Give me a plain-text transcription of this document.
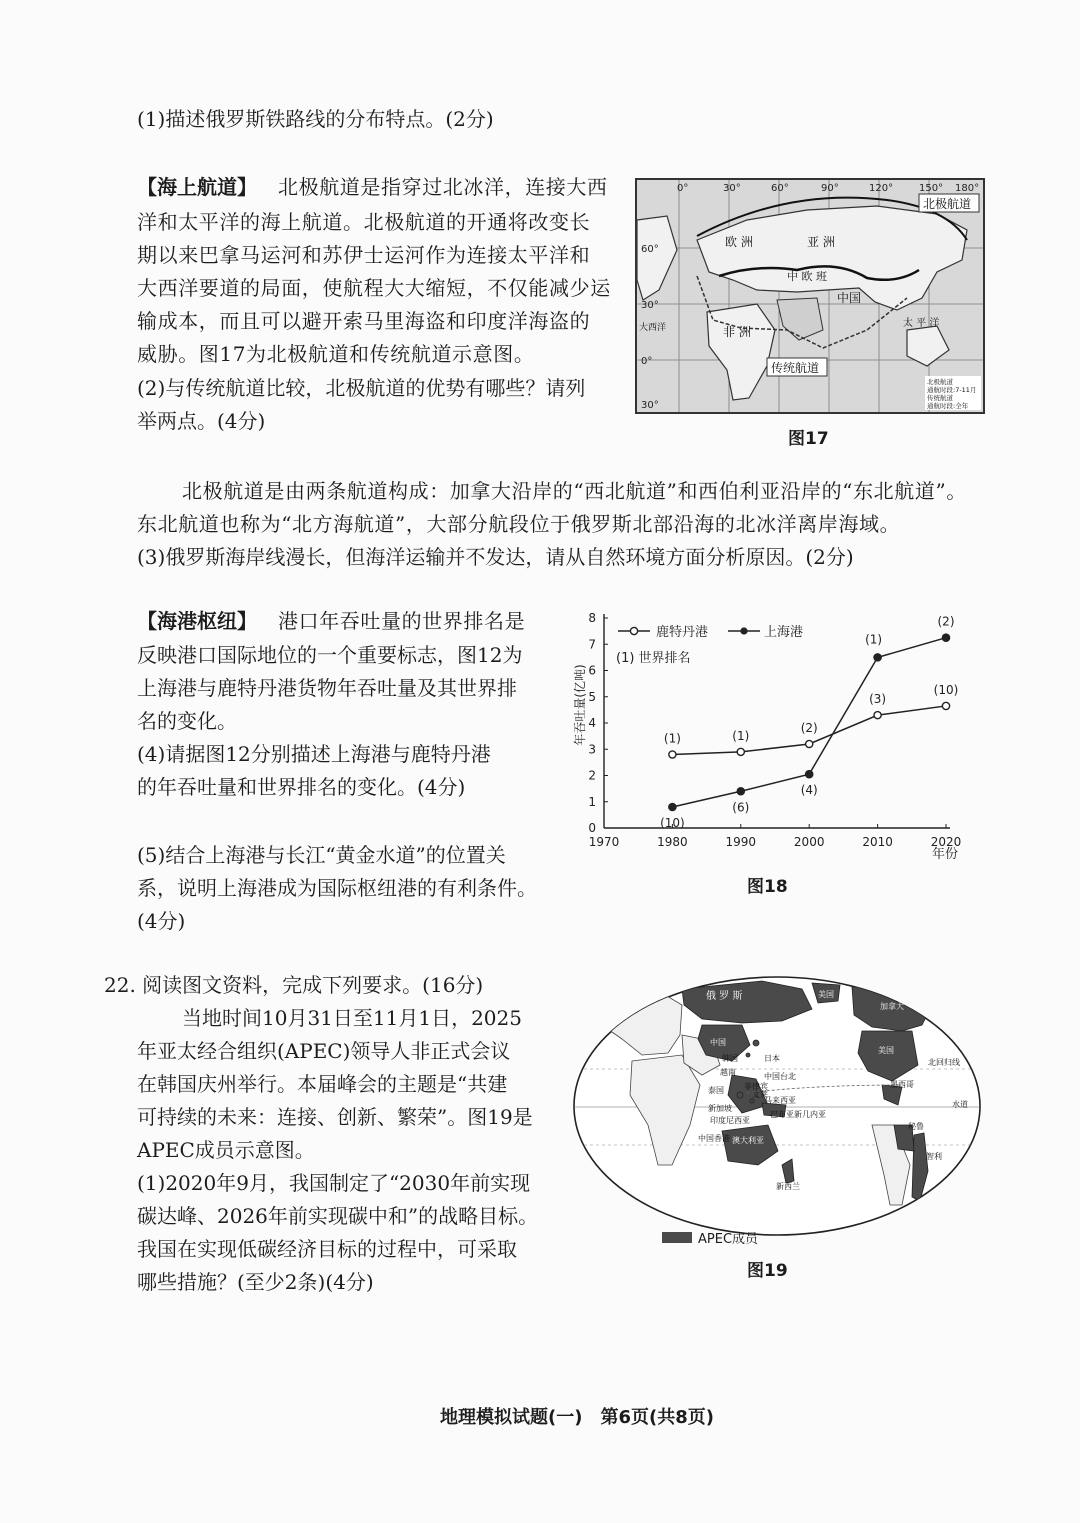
(1)描述俄罗斯铁路线的分布特点。(2分)
【海上航道】 北极航道是指穿过北冰洋，连接大西
洋和太平洋的海上航道。北极航道的开通将改变长
期以来巴拿马运河和苏伊士运河作为连接太平洋和
大西洋要道的局面，使航程大大缩短，不仅能减少运
输成本，而且可以避开索马里海盗和印度洋海盗的
威胁。图17为北极航道和传统航道示意图。
(2)与传统航道比较，北极航道的优势有哪些？请列
举两点。(4分)
0°	30°	60°	90°	120°	150° 180°
60°
30°
0°
30°
北极航道
传统航道
欧 洲	亚 洲
非 洲
中国
中 欧 班
太 平 洋
大西洋
北极航道
通航时段:7-11月
传统航道
通航时段:全年
图17
北极航道是由两条航道构成：加拿大沿岸的“西北航道”和西伯利亚沿岸的“东北航道”。
东北航道也称为“北方海航道”，大部分航段位于俄罗斯北部沿海的北冰洋离岸海域。
(3)俄罗斯海岸线漫长，但海洋运输并不发达，请从自然环境方面分析原因。(2分)
【海港枢纽】 港口年吞吐量的世界排名是
反映港口国际地位的一个重要标志，图12为
上海港与鹿特丹港货物年吞吐量及其世界排
名的变化。
(4)请据图12分别描述上海港与鹿特丹港
的年吞吐量和世界排名的变化。(4分)
(5)结合上海港与长江“黄金水道”的位置关
系，说明上海港成为国际枢纽港的有利条件。
(4分)
0
1
2
3
4
5
6
7
8
1970	1980	1990	2000	2010	2020
(1)	(1)
(2)
(3)
(10)
(10)
(6)
(4)
(1)
(2)
鹿特丹港	上海港
(1) 世界排名
年吞吐量(亿吨)
年份
图18
22. 阅读图文资料，完成下列要求。(16分)
当地时间10月31日至11月1日，2025
年亚太经合组织(APEC)领导人非正式会议
在韩国庆州举行。本届峰会的主题是“共建
可持续的未来：连接、创新、繁荣”。图19是
APEC成员示意图。
(1)2020年9月，我国制定了“2030年前实现
碳达峰、2026年前实现碳中和”的战略目标。
我国在实现低碳经济目标的过程中，可采取
哪些措施？(至少2条)(4分)
俄 罗 斯	美国
加拿大
美国
中国
日本
韩国
中国台北
越南
菲律宾
文莱
泰国
马来西亚
新加坡
印度尼西亚
巴布亚新几内亚
中国香港 澳大利亚
新西兰
墨西哥
智利
秘鲁
水道
北回归线
APEC成员
图19
地理模拟试题(一)　第6页(共8页)
